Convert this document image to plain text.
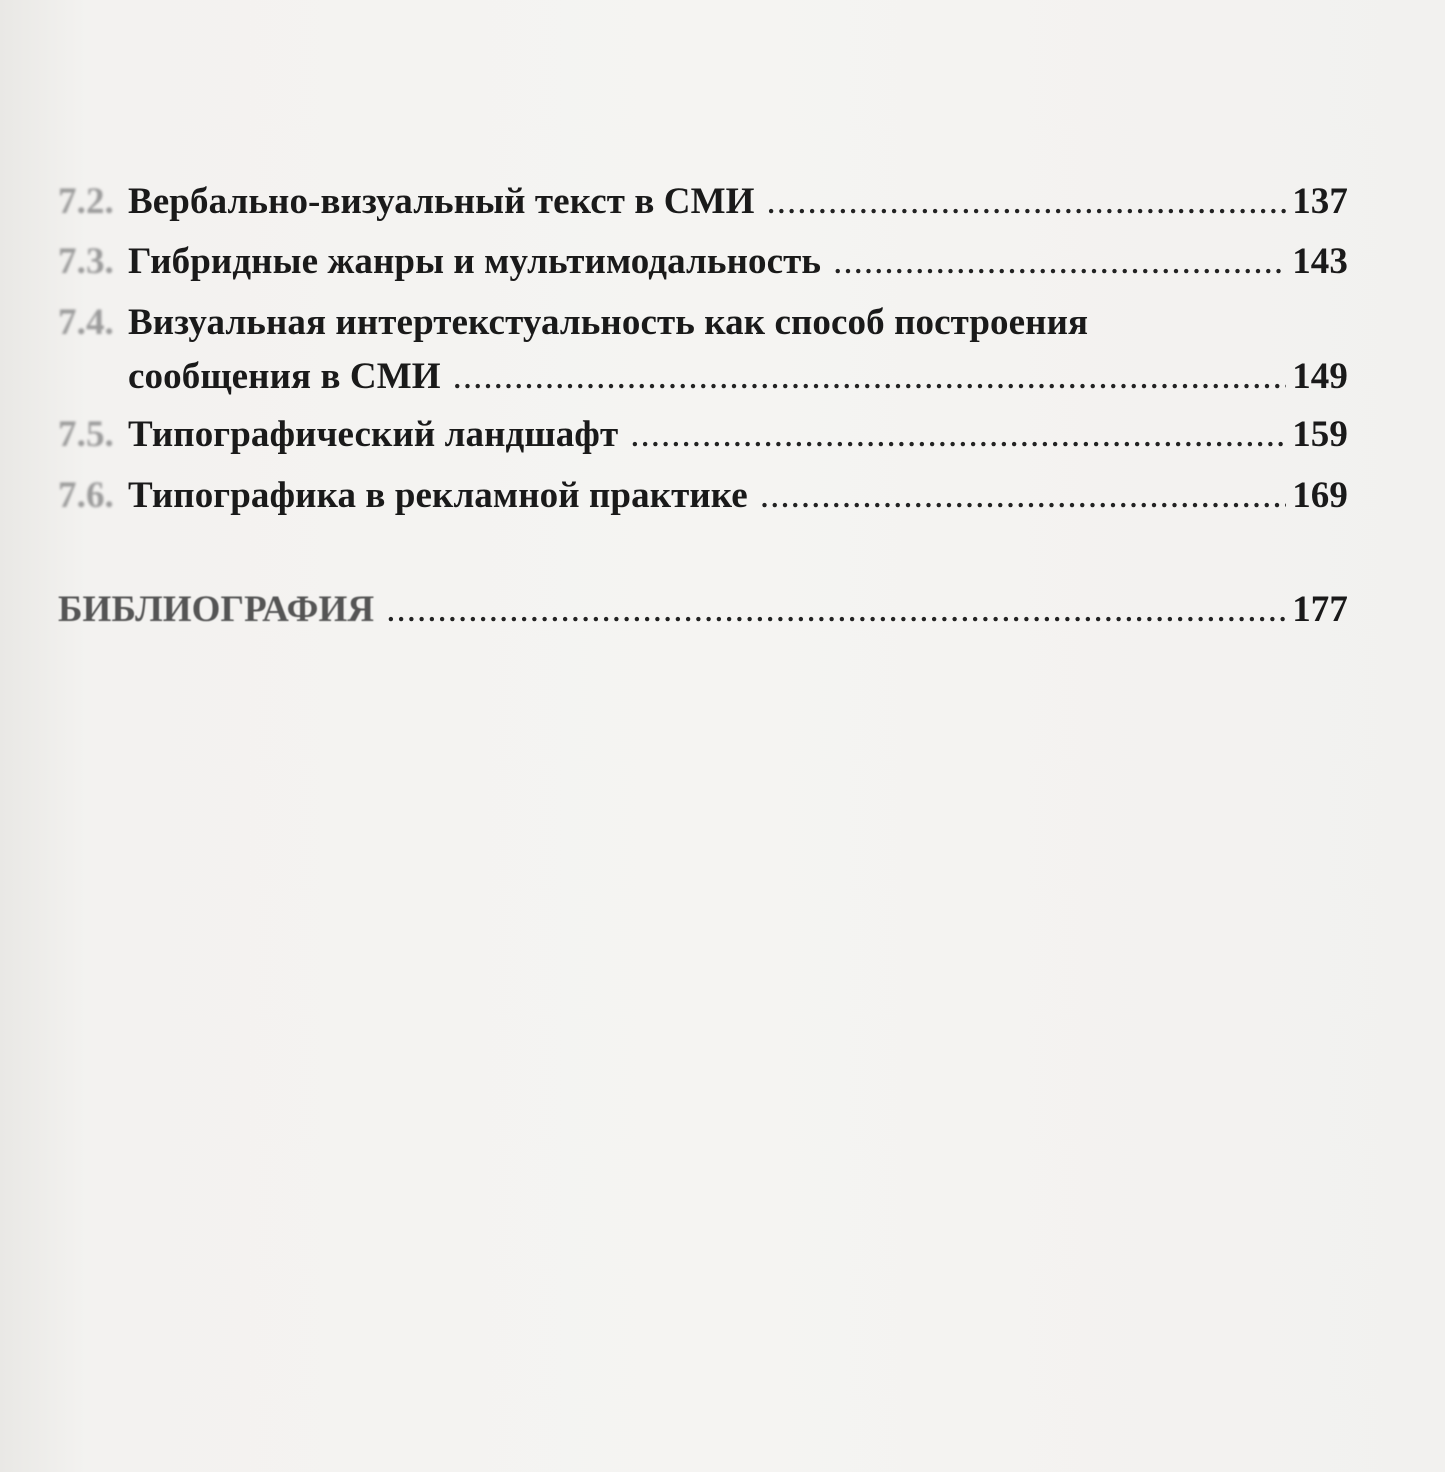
7.2. Вербально-визуальный текст в СМИ .....	137
7.3. Гибридные жанры и мультимодальность .....	143
7.4. Визуальная интертекстуальность как способ построения
сообщения в СМИ .....	149
7.5. Типографический ландшафт .....	159
7.6. Типографика в рекламной практике .....	169
БИБЛИОГРАФИЯ .....	177
